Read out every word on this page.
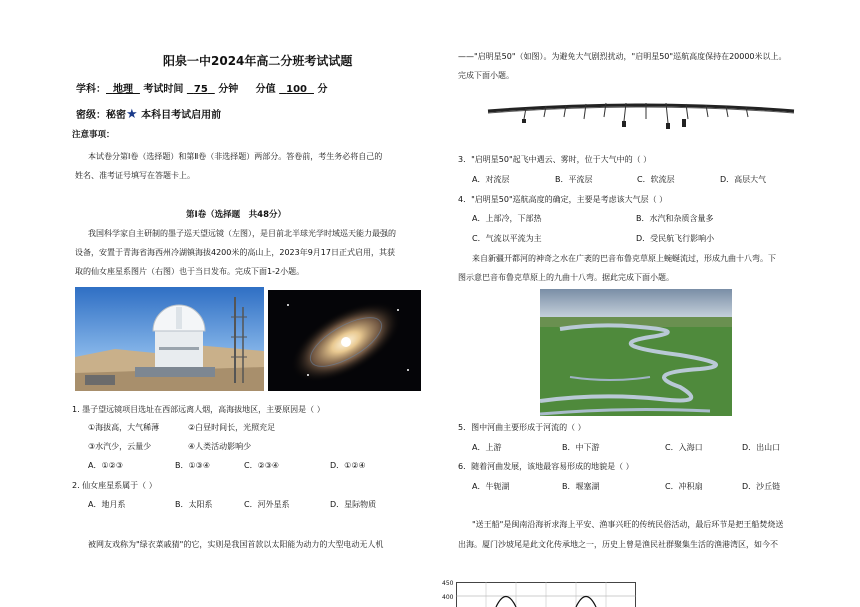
阳泉一中2024年高二分班考试试题
学科： 地理 考试时间 75 分钟 分值 100 分
密级：秘密★ 本科目考试启用前
注意事项：
本试卷分第Ⅰ卷（选择题）和第Ⅱ卷（非选择题）两部分。答卷前，考生务必将自己的
姓名、准考证号填写在答题卡上。
第Ⅰ卷（选择题　共48分）
我国科学家自主研制的墨子巡天望远镜（左图），是目前北半球光学时域巡天能力最强的
设备，安置于青海省海西州冷湖镇海拔4200米的高山上，2023年9月17日正式启用，其获
取的仙女座星系图片（右图）也于当日发布。完成下面1-2小题。
1. 墨子望远镜项目选址在西部远离人烟，高海拔地区，主要原因是（ ）
①海拔高，大气稀薄	②白昼时间长，光照充足
③水汽少，云量少	④人类活动影响少
A．①②③	B．①③④	C．②③④	D．①②④
2. 仙女座星系属于（ ）
A．地月系	B．太阳系	C．河外星系	D．星际物质
被网友戏称为"绿衣菜戚猜"的它，实则是我国首款以太阳能为动力的大型电动无人机
——"启明星50"（如图）。为避免大气剧烈扰动，"启明星50"巡航高度保持在20000米以上。
完成下面小题。
3．"启明星50"起飞中遇云、雾时，位于大气中的（ ）
A．对流层	B．平流层	C．软流层	D．高层大气
4．"启明星50"巡航高度的确定，主要是考虑该大气层（ ）
A．上部冷，下部热	B．水汽和杂质含量多
C．气流以平流为主	D．受民航飞行影响小
来自新疆开都河的神奇之水在广袤的巴音布鲁克草原上蜿蜒流过，形成九曲十八弯。下
图示意巴音布鲁克草原上的九曲十八弯。据此完成下面小题。
5．图中河曲主要形成于河流的（ ）
A．上游	B．中下游	C．入海口	D．出山口
6．随着河曲发展，该地最容易形成的地貌是（ ）
A．牛轭湖	B．堰塞湖	C．冲积扇	D．沙丘链
"送王船"是闽南沿海祈求海上平安、渔事兴旺的传统民俗活动，最后环节是把王船焚烧送
出海。厦门沙坡尾是此文化传承地之一，历史上曾是渔民社群聚集生活的渔港湾区，如今不
450
400
